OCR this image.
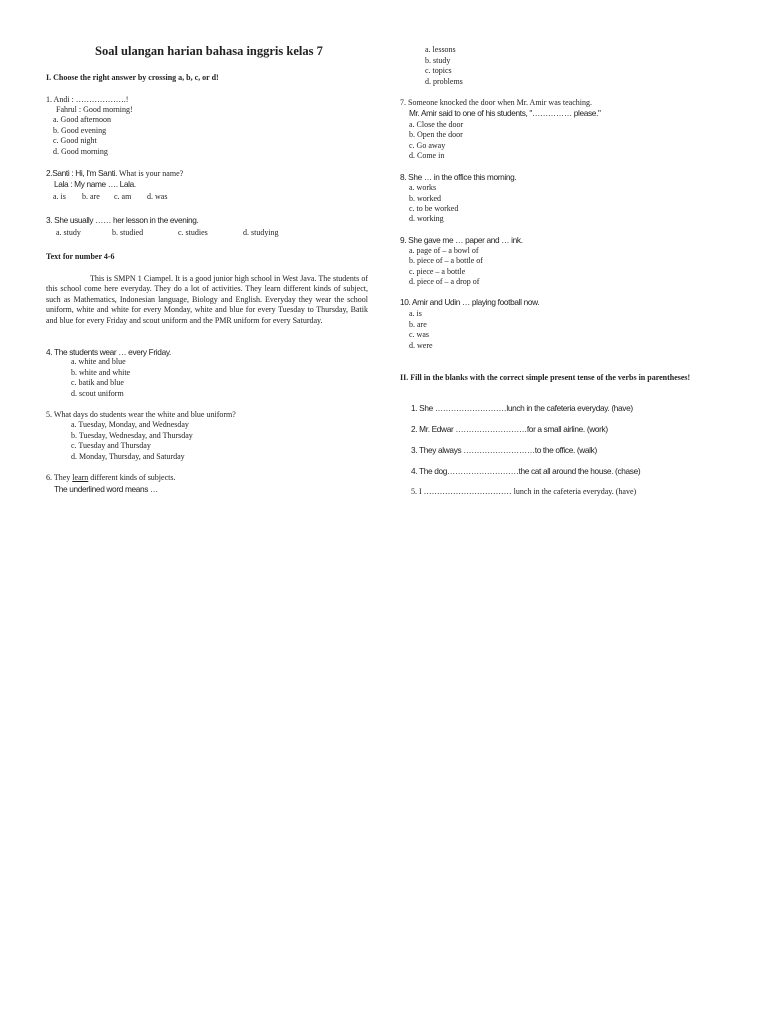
Soal ulangan harian bahasa inggris kelas 7
I. Choose the right answer by crossing a, b, c, or d!
1. Andi : ……………….!
Fahrul : Good morning!
a. Good afternoon
b. Good evening
c. Good night
d. Good morning
2.Santi : Hi, I'm Santi. What is your name?
Lala : My name …. Lala.
a. is b. are c. am d. was
3. She usually …… her lesson in the evening.
a. study	b. studied	c. studies	d. studying
Text for number 4-6
This is SMPN 1 Ciampel. It is a good junior high school in West Java. The students of this school come here everyday. They do a lot of activities. They learn different kinds of subject, such as Mathematics, Indonesian language, Biology and English. Everyday they wear the school uniform, white and white for every Monday, white and blue for every Tuesday to Thursday, Batik and blue for every Friday and scout uniform and the PMR uniform for every Saturday.
4. The students wear … every Friday.
a. white and blue
b. white and white
c. batik and blue
d. scout uniform
5. What days do students wear the white and blue uniform?
a. Tuesday, Monday, and Wednesday
b. Tuesday, Wednesday, and Thursday
c. Tuesday and Thursday
d. Monday, Thursday, and Saturday
6. They learn different kinds of subjects.
The underlined word means …
a. lessons
b. study
c. topics
d. problems
7. Someone knocked the door when Mr. Amir was teaching.
Mr. Amir said to one of his students, "…………… please."
a. Close the door
b. Open the door
c. Go away
d. Come in
8. She … in the office this morning.
a. works
b. worked
c. to be worked
d. working
9. She gave me … paper and … ink.
a. page of – a bowl of
b. piece of – a bottle of
c. piece – a bottle
d. piece of – a drop of
10. Amir and Udin … playing football now.
a. is
b. are
c. was
d. were
II. Fill in the blanks with the correct simple present tense of the verbs in parentheses!
1. She ………………………lunch in the cafeteria everyday. (have)
2. Mr. Edwar ………………………for a small airline. (work)
3. They always ………………………to the office. (walk)
4. The dog………………………the cat all around the house. (chase)
5. I …………………………… lunch in the cafeteria everyday. (have)
